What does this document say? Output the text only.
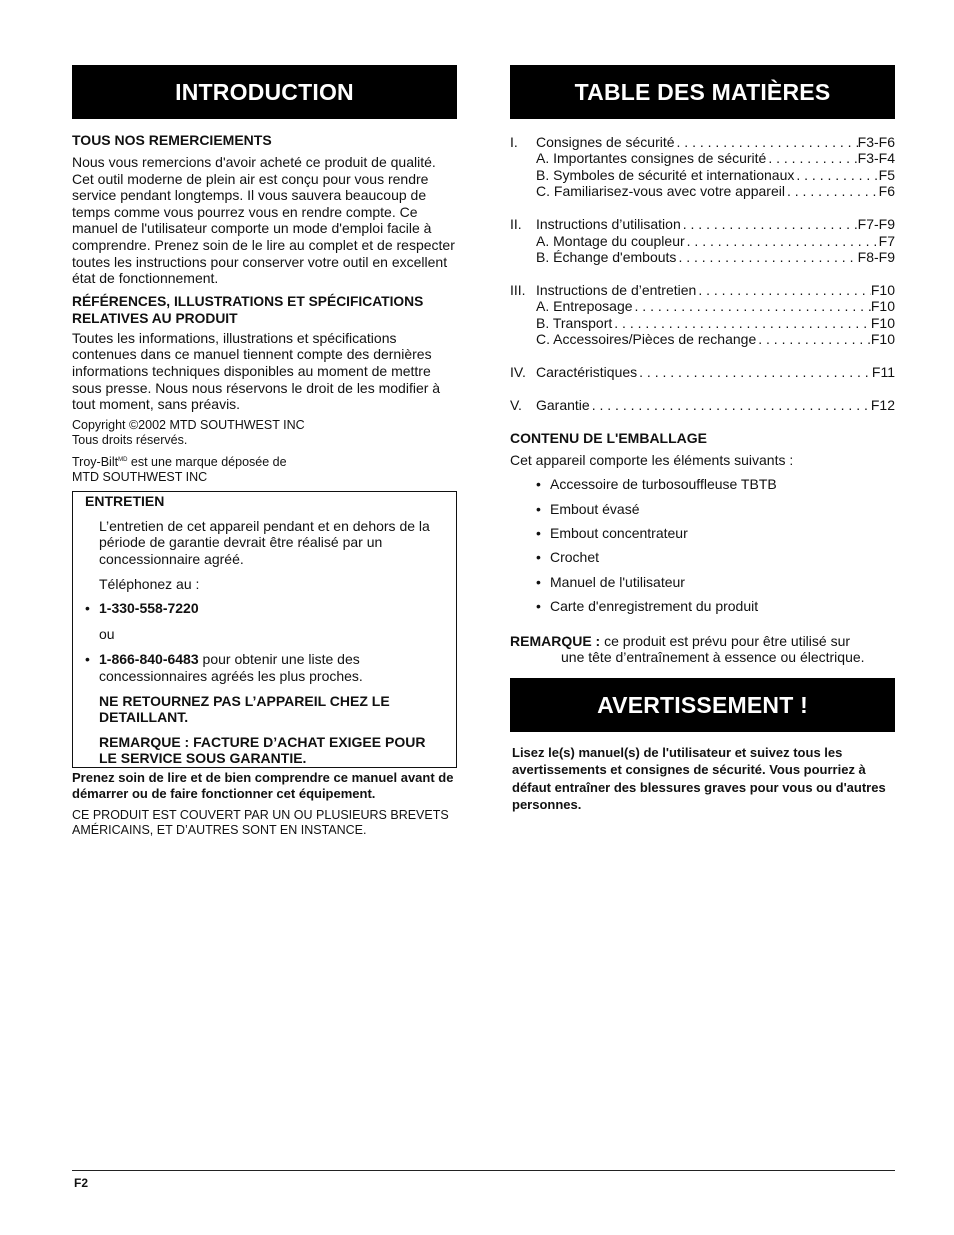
INTRODUCTION
TOUS NOS REMERCIEMENTS
Nous vous remercions d'avoir acheté ce produit de qualité. Cet outil moderne de plein air est conçu pour vous rendre service pendant longtemps. Il vous sauvera beaucoup de temps comme vous pourrez vous en rendre compte. Ce manuel de l'utilisateur comporte un mode d'emploi facile à comprendre. Prenez soin de le lire au complet et de respecter toutes les instructions pour conserver votre outil en excellent état de fonctionnement.
RÉFÉRENCES, ILLUSTRATIONS ET SPÉCIFICATIONS RELATIVES AU PRODUIT
Toutes les informations, illustrations et spécifications contenues dans ce manuel tiennent compte des dernières informations techniques disponibles au moment de mettre sous presse. Nous nous réservons le droit de les modifier à tout moment, sans préavis.
Copyright ©2002 MTD SOUTHWEST INC
Tous droits réservés.
Troy-Bilt$^{MD}$ est une marque déposée de
MTD SOUTHWEST INC
ENTRETIEN
L’entretien de cet appareil pendant et en dehors de la période de garantie devrait être réalisé par un concessionnaire agréé.
Téléphonez au :
• 1-330-558-7220
ou
• 1-866-840-6483 pour obtenir une liste des concessionnaires agréés les plus proches.
NE RETOURNEZ PAS L’APPAREIL CHEZ LE DETAILLANT.
REMARQUE : FACTURE D’ACHAT EXIGEE POUR LE SERVICE SOUS GARANTIE.
Prenez soin de lire et de bien comprendre ce manuel avant de démarrer ou de faire fonctionner cet équipement.
CE PRODUIT EST COUVERT PAR UN OU PLUSIEURS BREVETS AMÉRICAINS, ET D’AUTRES SONT EN INSTANCE.
TABLE DES MATIÈRES
I.	Consignes de sécurité . . .	F3-F6
A. Importantes consignes de sécurité . . .	F3-F4
B. Symboles de sécurité et internationaux . . .	F5
C. Familiarisez-vous avec votre appareil . . .	F6
II.	Instructions d’utilisation . . .	F7-F9
A. Montage du coupleur . . .	F7
B. Échange d'embouts . . .	F8-F9
III. Instructions de d’entretien . . .	F10
A. Entreposage . . .	F10
B. Transport . . .	F10
C. Accessoires/Pièces de rechange . . .	F10
IV. Caractéristiques . . .	F11
V.	Garantie . . .	F12
CONTENU DE L'EMBALLAGE
Cet appareil comporte les éléments suivants :
• Accessoire de turbosouffleuse TBTB
• Embout évasé
• Embout concentrateur
• Crochet
• Manuel de l'utilisateur
• Carte d'enregistrement du produit
REMARQUE : ce produit est prévu pour être utilisé sur
une tête d’entraînement à essence ou électrique.
AVERTISSEMENT !
Lisez le(s) manuel(s) de l'utilisateur et suivez tous les avertissements et consignes de sécurité. Vous pourriez à défaut entraîner des blessures graves pour vous ou d'autres personnes.
F2
